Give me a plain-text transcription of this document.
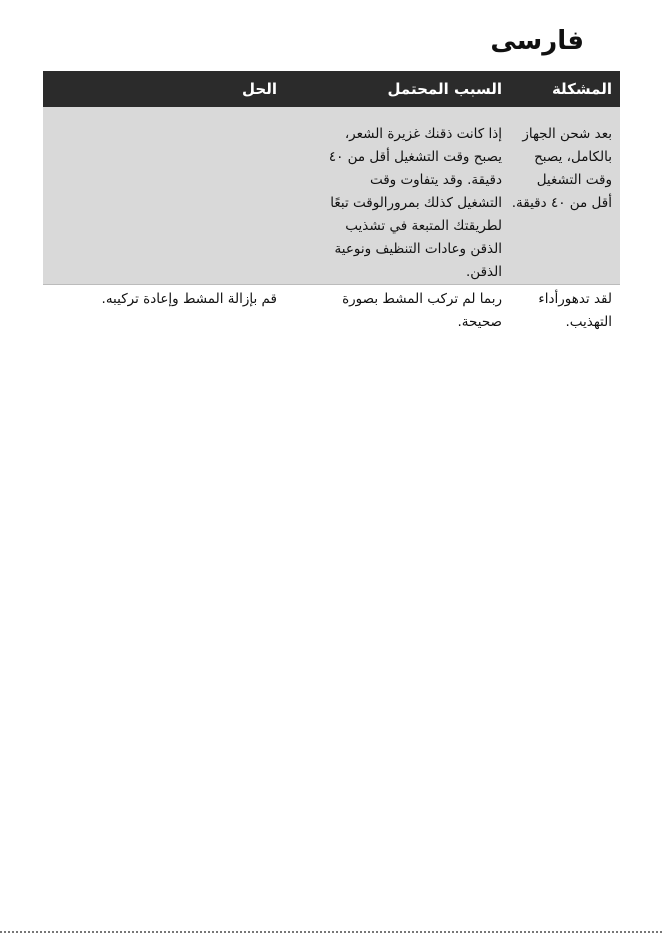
فارسی
المشكلة
السبب المحتمل
الحل
بعد شحن الجهاز
بالكامل، يصبح
وقت التشغيل
أقل من ٤٠ دقيقة.
إذا كانت ذقنك غزيرة الشعر،
يصبح وقت التشغيل أقل من ٤٠
دقيقة. وقد يتفاوت وقت
التشغيل كذلك بمرورالوقت تبعًا
لطريقتك المتبعة في تشذيب
الذقن وعادات التنظيف ونوعية
الذقن.
لقد تدهورأداء
التهذيب.
ربما لم تركب المشط بصورة
صحيحة.
قم بإزالة المشط وإعادة تركيبه.
